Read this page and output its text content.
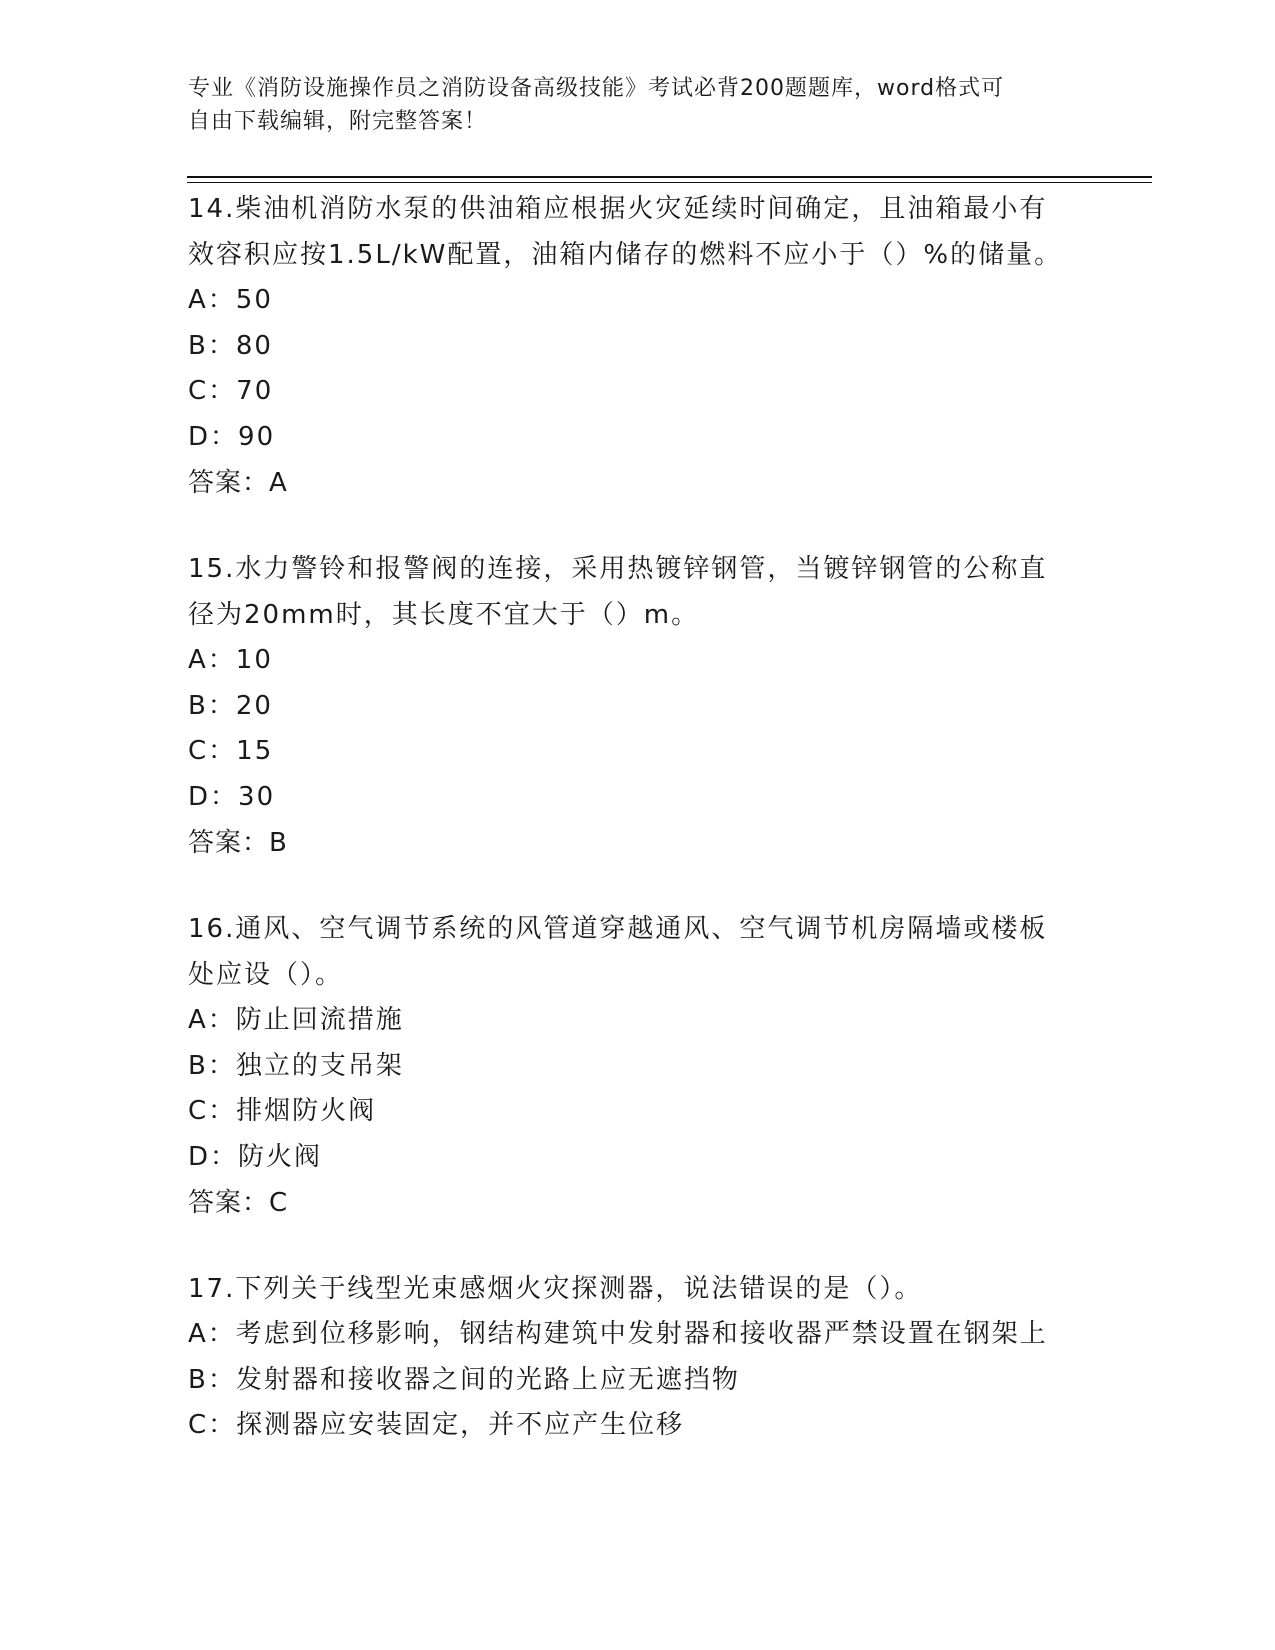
专业《消防设施操作员之消防设备高级技能》考试必背200题题库，word格式可
自由下载编辑，附完整答案！
14.柴油机消防水泵的供油箱应根据火灾延续时间确定，且油箱最小有
效容积应按1.5L/kW配置，油箱内储存的燃料不应小于（）%的储量。
A：50
B：80
C：70
D：90
答案：A
15.水力警铃和报警阀的连接，采用热镀锌钢管，当镀锌钢管的公称直
径为20mm时，其长度不宜大于（）m。
A：10
B：20
C：15
D：30
答案：B
16.通风、空气调节系统的风管道穿越通风、空气调节机房隔墙或楼板
处应设（）。
A：防止回流措施
B：独立的支吊架
C：排烟防火阀
D：防火阀
答案：C
17.下列关于线型光束感烟火灾探测器，说法错误的是（）。
A：考虑到位移影响，钢结构建筑中发射器和接收器严禁设置在钢架上
B：发射器和接收器之间的光路上应无遮挡物
C：探测器应安装固定，并不应产生位移
